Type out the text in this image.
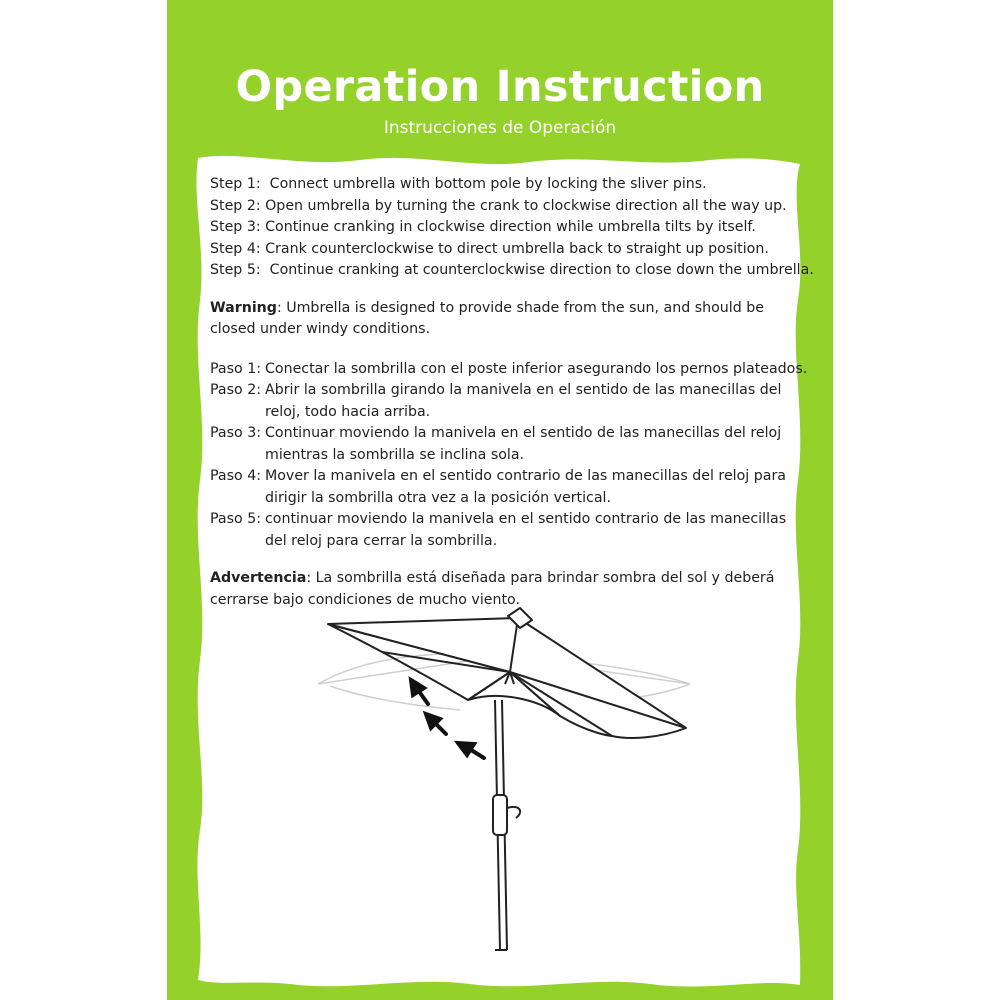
Operation Instruction
Instrucciones de Operación
Step 1: Connect umbrella with bottom pole by locking the sliver pins.
Step 2: Open umbrella by turning the crank to clockwise direction all the way up.
Step 3: Continue cranking in clockwise direction while umbrella tilts by itself.
Step 4: Crank counterclockwise to direct umbrella back to straight up position.
Step 5: Continue cranking at counterclockwise direction to close down the umbrella.
Warning: Umbrella is designed to provide shade from the sun, and should be closed under windy conditions.
Paso 1: Conectar la sombrilla con el poste inferior asegurando los pernos plateados.
Paso 2: Abrir la sombrilla girando la manivela en el sentido de las manecillas del reloj, todo hacia arriba.
Paso 3: Continuar moviendo la manivela en el sentido de las manecillas del reloj mientras la sombrilla se inclina sola.
Paso 4: Mover la manivela en el sentido contrario de las manecillas del reloj para dirigir la sombrilla otra vez a la posición vertical.
Paso 5: continuar moviendo la manivela en el sentido contrario de las manecillas del reloj para cerrar la sombrilla.
Advertencia: La sombrilla está diseñada para brindar sombra del sol y deberá cerrarse bajo condiciones de mucho viento.
